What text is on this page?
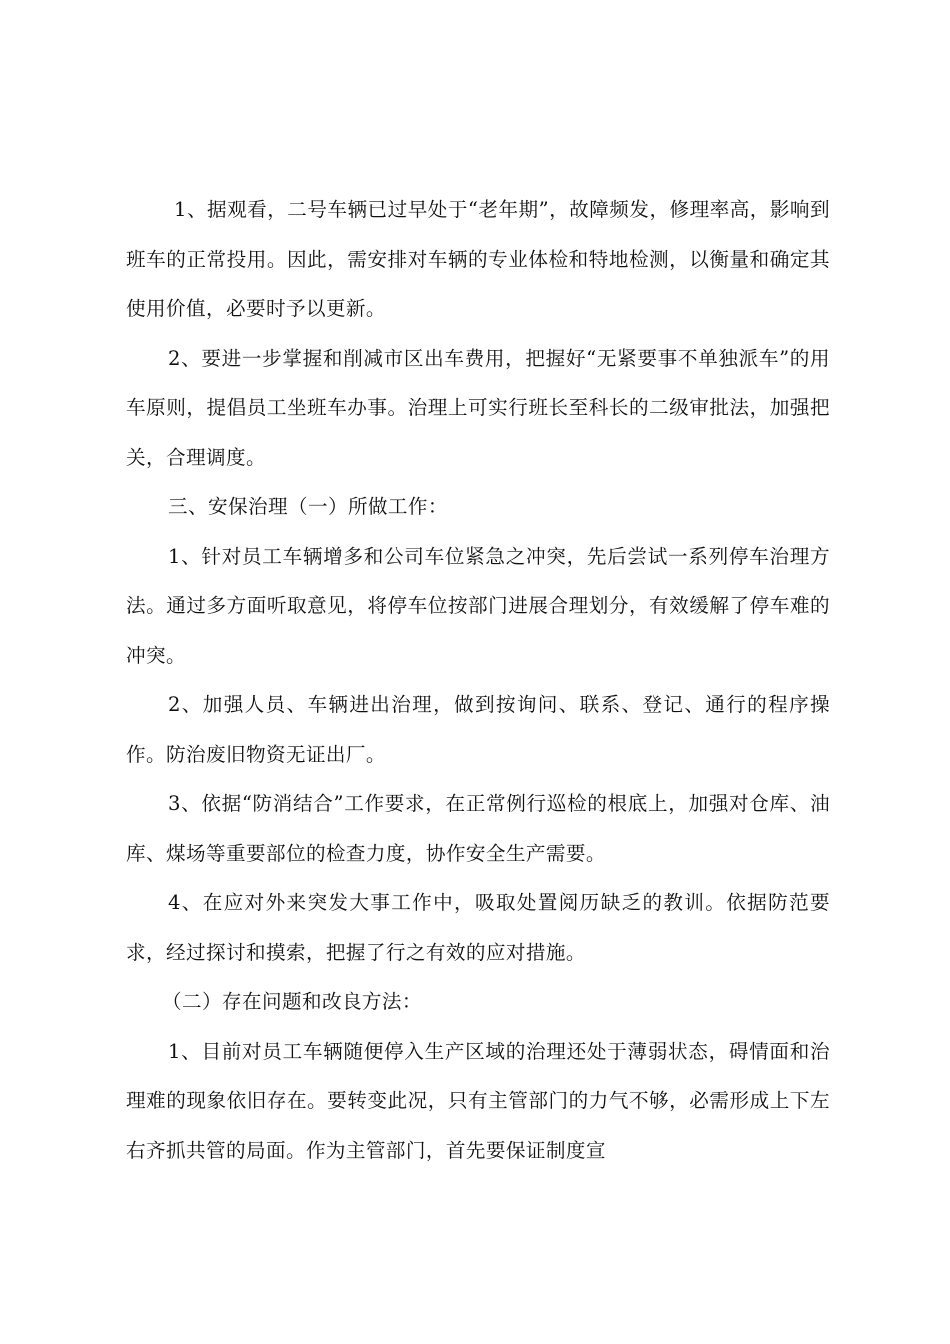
1、据观看，二号车辆已过早处于“老年期”，故障频发，修理率高，影响到班车的正常投用。因此，需安排对车辆的专业体检和特地检测，以衡量和确定其使用价值，必要时予以更新。

2、要进一步掌握和削减市区出车费用，把握好“无紧要事不单独派车”的用车原则，提倡员工坐班车办事。治理上可实行班长至科长的二级审批法，加强把关，合理调度。

三、安保治理（一）所做工作：

1、针对员工车辆增多和公司车位紧急之冲突，先后尝试一系列停车治理方法。通过多方面听取意见，将停车位按部门进展合理划分，有效缓解了停车难的冲突。

2、加强人员、车辆进出治理，做到按询问、联系、登记、通行的程序操作。防治废旧物资无证出厂。

3、依据“防消结合”工作要求，在正常例行巡检的根底上，加强对仓库、油库、煤场等重要部位的检查力度，协作安全生产需要。

4、在应对外来突发大事工作中，吸取处置阅历缺乏的教训。依据防范要求，经过探讨和摸索，把握了行之有效的应对措施。

（二）存在问题和改良方法：

1、目前对员工车辆随便停入生产区域的治理还处于薄弱状态，碍情面和治理难的现象依旧存在。要转变此况，只有主管部门的力气不够，必需形成上下左右齐抓共管的局面。作为主管部门，首先要保证制度宣
